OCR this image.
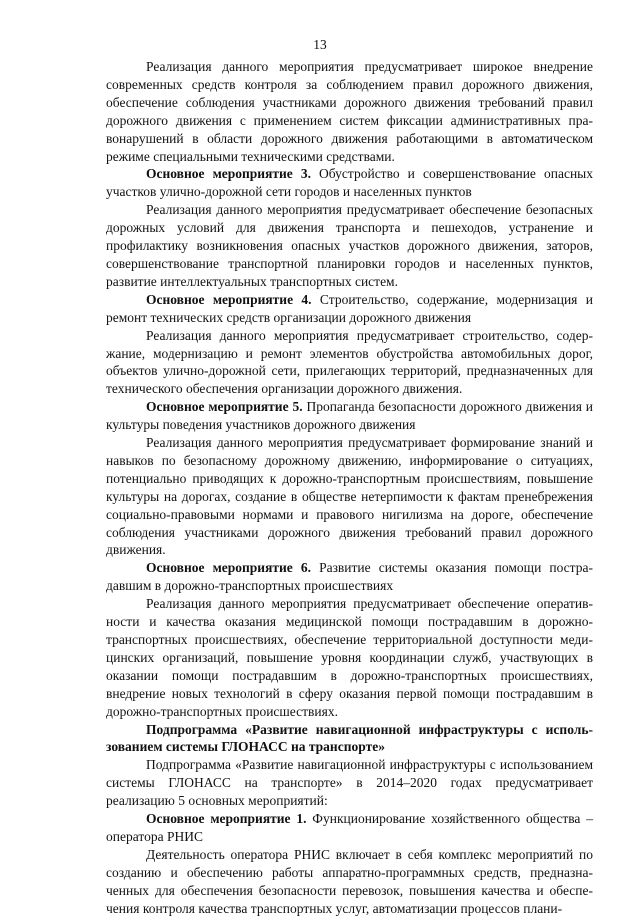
13

Реализация данного мероприятия предусматривает широкое внедрение современных средств контроля за соблюдением правил дорожного движения, обеспечение соблюдения участниками дорожного движения требований правил дорожного движения с применением систем фиксации административных правонарушений в области дорожного движения работающими в автоматическом режиме специальными техническими средствами.

Основное мероприятие 3. Обустройство и совершенствование опасных участков улично-дорожной сети городов и населенных пунктов

Реализация данного мероприятия предусматривает обеспечение безопасных дорожных условий для движения транспорта и пешеходов, устранение и профилактику возникновения опасных участков дорожного движения, заторов, совершенствование транспортной планировки городов и населенных пунктов, развитие интеллектуальных транспортных систем.

Основное мероприятие 4. Строительство, содержание, модернизация и ремонт технических средств организации дорожного движения

Реализация данного мероприятия предусматривает строительство, содержание, модернизацию и ремонт элементов обустройства автомобильных дорог, объектов улично-дорожной сети, прилегающих территорий, предназначенных для технического обеспечения организации дорожного движения.

Основное мероприятие 5. Пропаганда безопасности дорожного движения и культуры поведения участников дорожного движения

Реализация данного мероприятия предусматривает формирование знаний и навыков по безопасному дорожному движению, информирование о ситуациях, потенциально приводящих к дорожно-транспортным происшествиям, повышение культуры на дорогах, создание в обществе нетерпимости к фактам пренебрежения социально-правовыми нормами и правового нигилизма на дороге, обеспечение соблюдения участниками дорожного движения требований правил дорожного движения.

Основное мероприятие 6. Развитие системы оказания помощи пострадавшим в дорожно-транспортных происшествиях

Реализация данного мероприятия предусматривает обеспечение оперативности и качества оказания медицинской помощи пострадавшим в дорожно-транспортных происшествиях, обеспечение территориальной доступности медицинских организаций, повышение уровня координации служб, участвующих в оказании помощи пострадавшим в дорожно-транспортных происшествиях, внедрение новых технологий в сферу оказания первой помощи пострадавшим в дорожно-транспортных происшествиях.

Подпрограмма «Развитие навигационной инфраструктуры с использованием системы ГЛОНАСС на транспорте»

Подпрограмма «Развитие навигационной инфраструктуры с использованием системы ГЛОНАСС на транспорте» в 2014–2020 годах предусматривает реализацию 5 основных мероприятий:

Основное мероприятие 1. Функционирование хозяйственного общества – оператора РНИС

Деятельность оператора РНИС включает в себя комплекс мероприятий по созданию и обеспечению работы аппаратно-программных средств, предназначенных для обеспечения безопасности перевозок, повышения качества и обеспечения контроля качества транспортных услуг, автоматизации процессов плани-
